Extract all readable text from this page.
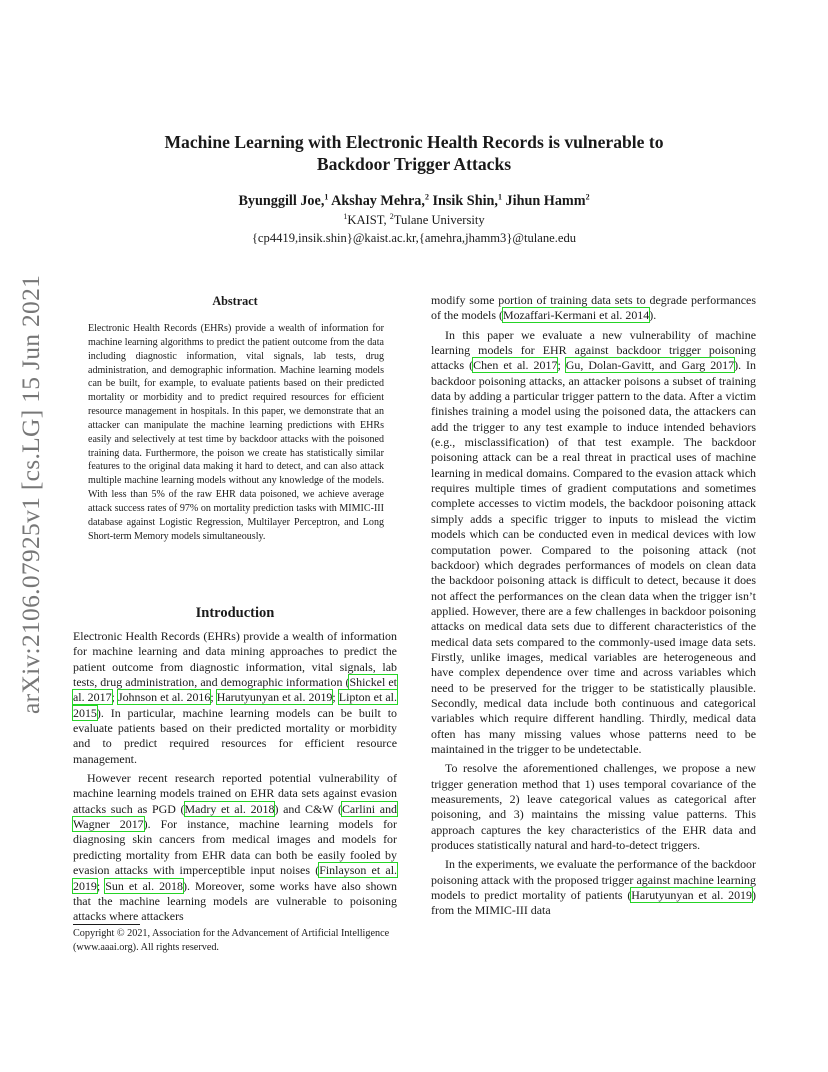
arXiv:2106.07925v1 [cs.LG] 15 Jun 2021
Machine Learning with Electronic Health Records is vulnerable to
Backdoor Trigger Attacks
Byunggill Joe,$^1$ Akshay Mehra,$^2$ Insik Shin,$^1$ Jihun Hamm$^2$
$^1$KAIST, $^2$Tulane University
{cp4419,insik.shin}@kaist.ac.kr,{amehra,jhamm3}@tulane.edu
Abstract
Electronic Health Records (EHRs) provide a wealth of information for machine learning algorithms to predict the patient outcome from the data including diagnostic information, vital signals, lab tests, drug administration, and demographic information. Machine learning models can be built, for example, to evaluate patients based on their predicted mortality or morbidity and to predict required resources for efficient resource management in hospitals. In this paper, we demonstrate that an attacker can manipulate the machine learning predictions with EHRs easily and selectively at test time by backdoor attacks with the poisoned training data. Furthermore, the poison we create has statistically similar features to the original data making it hard to detect, and can also attack multiple machine learning models without any knowledge of the models. With less than 5% of the raw EHR data poisoned, we achieve average attack success rates of 97% on mortality prediction tasks with MIMIC-III database against Logistic Regression, Multilayer Perceptron, and Long Short-term Memory models simultaneously.
Introduction

Electronic Health Records (EHRs) provide a wealth of information for machine learning and data mining approaches to predict the patient outcome from diagnostic information, vital signals, lab tests, drug administration, and demographic information (Shickel et al. 2017; Johnson et al. 2016; Harutyunyan et al. 2019; Lipton et al. 2015). In particular, machine learning models can be built to evaluate patients based on their predicted mortality or morbidity and to predict required resources for efficient resource management.

However recent research reported potential vulnerability of machine learning models trained on EHR data sets against evasion attacks such as PGD (Madry et al. 2018) and C&W (Carlini and Wagner 2017). For instance, machine learning models for diagnosing skin cancers from medical images and models for predicting mortality from EHR data can both be easily fooled by evasion attacks with imperceptible input noises (Finlayson et al. 2019; Sun et al. 2018). Moreover, some works have also shown that the machine learning models are vulnerable to poisoning attacks where attackers

Copyright © 2021, Association for the Advancement of Artificial Intelligence (www.aaai.org). All rights reserved.

modify some portion of training data sets to degrade performances of the models (Mozaffari-Kermani et al. 2014).

In this paper we evaluate a new vulnerability of machine learning models for EHR against backdoor trigger poisoning attacks (Chen et al. 2017; Gu, Dolan-Gavitt, and Garg 2017). In backdoor poisoning attacks, an attacker poisons a subset of training data by adding a particular trigger pattern to the data. After a victim finishes training a model using the poisoned data, the attackers can add the trigger to any test example to induce intended behaviors (e.g., misclassification) of that test example. The backdoor poisoning attack can be a real threat in practical uses of machine learning in medical domains. Compared to the evasion attack which requires multiple times of gradient computations and sometimes complete accesses to victim models, the backdoor poisoning attack simply adds a specific trigger to inputs to mislead the victim models which can be conducted even in medical devices with low computation power. Compared to the poisoning attack (not backdoor) which degrades performances of models on clean data the backdoor poisoning attack is difficult to detect, because it does not affect the performances on the clean data when the trigger isn’t applied. However, there are a few challenges in backdoor poisoning attacks on medical data sets due to different characteristics of the medical data sets compared to the commonly-used image data sets. Firstly, unlike images, medical variables are heterogeneous and have complex dependence over time and across variables which need to be preserved for the trigger to be statistically plausible. Secondly, medical data include both continuous and categorical variables which require different handling. Thirdly, medical data often has many missing values whose patterns need to be maintained in the trigger to be undetectable.

To resolve the aforementioned challenges, we propose a new trigger generation method that 1) uses temporal covariance of the measurements, 2) leave categorical values as categorical after poisoning, and 3) maintains the missing value patterns. This approach captures the key characteristics of the EHR data and produces statistically natural and hard-to-detect triggers.

In the experiments, we evaluate the performance of the backdoor poisoning attack with the proposed trigger against machine learning models to predict mortality of patients (Harutyunyan et al. 2019) from the MIMIC-III data
